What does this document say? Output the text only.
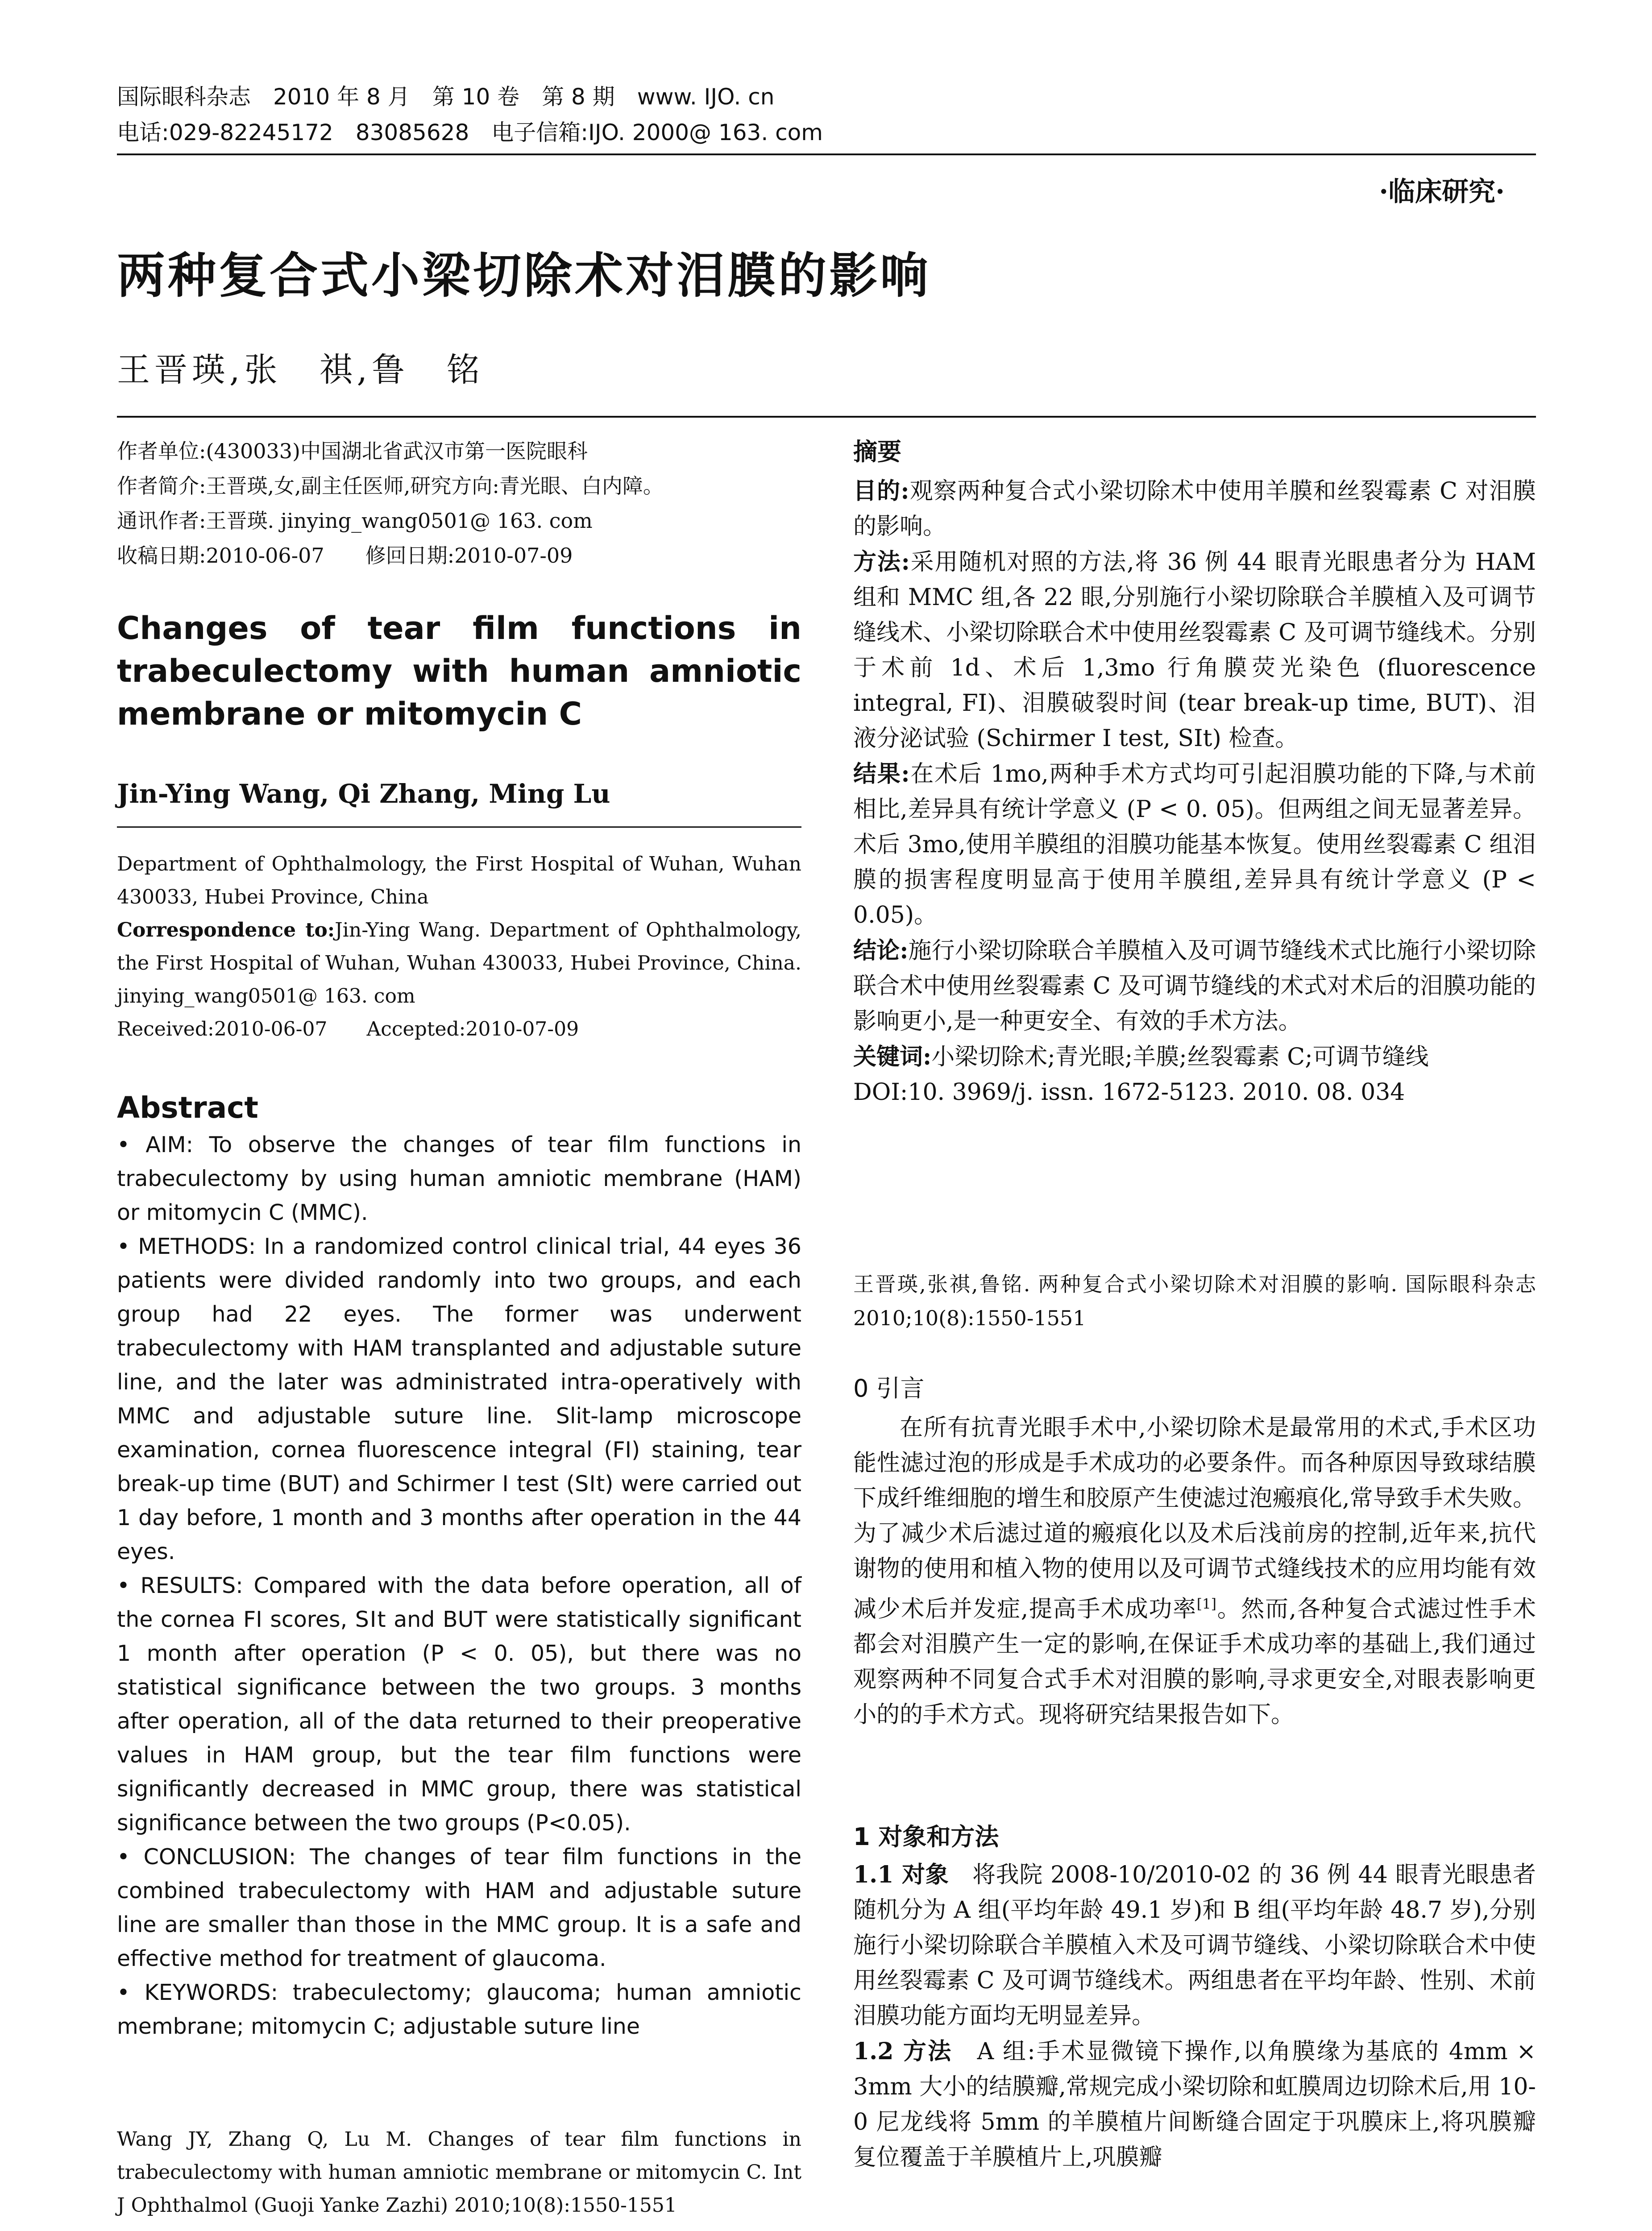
国际眼科杂志　2010 年 8 月　第 10 卷　第 8 期　www. IJO. cn
电话:029-82245172　83085628　电子信箱:IJO. 2000@ 163. com
·临床研究·
两种复合式小梁切除术对泪膜的影响
王晋瑛,张　祺,鲁　铭

作者单位:(430033)中国湖北省武汉市第一医院眼科

作者简介:王晋瑛,女,副主任医师,研究方向:青光眼、白内障。

通讯作者:王晋瑛. jinying_wang0501@ 163. com

收稿日期:2010-06-07　　修回日期:2010-07-09

Changes of tear film functions in trabeculectomy with human amniotic membrane or mitomycin C
Jin-Ying Wang, Qi Zhang, Ming Lu

Department of Ophthalmology, the First Hospital of Wuhan, Wuhan 430033, Hubei Province, China

Correspondence to:Jin-Ying Wang. Department of Ophthalmology, the First Hospital of Wuhan, Wuhan 430033, Hubei Province, China. jinying_wang0501@ 163. com

Received:2010-06-07　　Accepted:2010-07-09

Abstract

• AIM: To observe the changes of tear film functions in trabeculectomy by using human amniotic membrane (HAM) or mitomycin C (MMC).

• METHODS: In a randomized control clinical trial, 44 eyes 36 patients were divided randomly into two groups, and each group had 22 eyes. The former was underwent trabeculectomy with HAM transplanted and adjustable suture line, and the later was administrated intra-operatively with MMC and adjustable suture line. Slit-lamp microscope examination, cornea fluorescence integral (FI) staining, tear break-up time (BUT) and Schirmer Ⅰ test (SⅠt) were carried out 1 day before, 1 month and 3 months after operation in the 44 eyes.

• RESULTS: Compared with the data before operation, all of the cornea FI scores, SⅠt and BUT were statistically significant 1 month after operation (P < 0. 05), but there was no statistical significance between the two groups. 3 months after operation, all of the data returned to their preoperative values in HAM group, but the tear film functions were significantly decreased in MMC group, there was statistical significance between the two groups (P<0.05).

• CONCLUSION: The changes of tear film functions in the combined trabeculectomy with HAM and adjustable suture line are smaller than those in the MMC group. It is a safe and effective method for treatment of glaucoma.

• KEYWORDS: trabeculectomy; glaucoma; human amniotic membrane; mitomycin C; adjustable suture line

Wang JY, Zhang Q, Lu M. Changes of tear film functions in trabeculectomy with human amniotic membrane or mitomycin C. Int J Ophthalmol (Guoji Yanke Zazhi) 2010;10(8):1550-1551
摘要

目的:观察两种复合式小梁切除术中使用羊膜和丝裂霉素 C 对泪膜的影响。

方法:采用随机对照的方法,将 36 例 44 眼青光眼患者分为 HAM 组和 MMC 组,各 22 眼,分别施行小梁切除联合羊膜植入及可调节缝线术、小梁切除联合术中使用丝裂霉素 C 及可调节缝线术。分别于术前 1d、术后 1,3mo 行角膜荧光染色 (fluorescence integral, FI)、泪膜破裂时间 (tear break-up time, BUT)、泪液分泌试验 (Schirmer Ⅰ test, SⅠt) 检查。

结果:在术后 1mo,两种手术方式均可引起泪膜功能的下降,与术前相比,差异具有统计学意义 (P < 0. 05)。但两组之间无显著差异。术后 3mo,使用羊膜组的泪膜功能基本恢复。使用丝裂霉素 C 组泪膜的损害程度明显高于使用羊膜组,差异具有统计学意义 (P < 0.05)。

结论:施行小梁切除联合羊膜植入及可调节缝线术式比施行小梁切除联合术中使用丝裂霉素 C 及可调节缝线的术式对术后的泪膜功能的影响更小,是一种更安全、有效的手术方法。

关键词:小梁切除术;青光眼;羊膜;丝裂霉素 C;可调节缝线

DOI:10. 3969/j. issn. 1672-5123. 2010. 08. 034

王晋瑛,张祺,鲁铭. 两种复合式小梁切除术对泪膜的影响. 国际眼科杂志 2010;10(8):1550-1551
0 引言

在所有抗青光眼手术中,小梁切除术是最常用的术式,手术区功能性滤过泡的形成是手术成功的必要条件。而各种原因导致球结膜下成纤维细胞的增生和胶原产生使滤过泡瘢痕化,常导致手术失败。为了减少术后滤过道的瘢痕化以及术后浅前房的控制,近年来,抗代谢物的使用和植入物的使用以及可调节式缝线技术的应用均能有效减少术后并发症,提高手术成功率[1]。然而,各种复合式滤过性手术都会对泪膜产生一定的影响,在保证手术成功率的基础上,我们通过观察两种不同复合式手术对泪膜的影响,寻求更安全,对眼表影响更小的的手术方式。现将研究结果报告如下。

1 对象和方法

1.1 对象　 将我院 2008-10/2010-02 的 36 例 44 眼青光眼患者随机分为 A 组(平均年龄 49.1 岁)和 B 组(平均年龄 48.7 岁),分别施行小梁切除联合羊膜植入术及可调节缝线、小梁切除联合术中使用丝裂霉素 C 及可调节缝线术。两组患者在平均年龄、性别、术前泪膜功能方面均无明显差异。

1.2 方法　 A 组:手术显微镜下操作,以角膜缘为基底的 4mm × 3mm 大小的结膜瓣,常规完成小梁切除和虹膜周边切除术后,用 10-0 尼龙线将 5mm 的羊膜植片间断缝合固定于巩膜床上,将巩膜瓣复位覆盖于羊膜植片上,巩膜瓣
